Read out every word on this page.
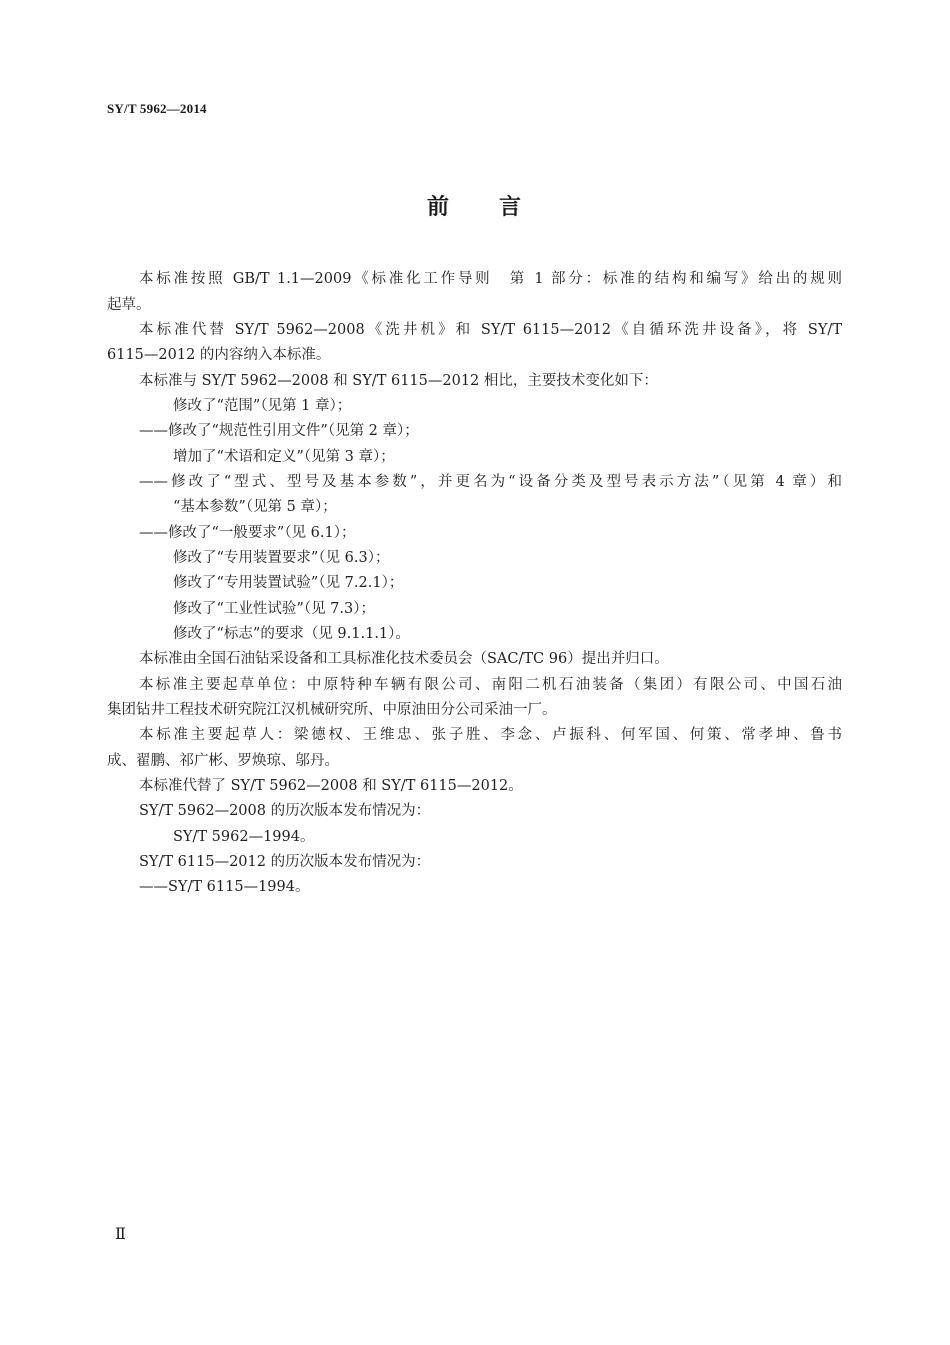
SY/T 5962—2014
前 言
本标准按照 GB/T 1.1—2009《标准化工作导则　第 1 部分：标准的结构和编写》给出的规则
起草。
本标准代替 SY/T 5962—2008《洗井机》和 SY/T 6115—2012《自循环洗井设备》，将 SY/T
6115—2012 的内容纳入本标准。
本标准与 SY/T 5962—2008 和 SY/T 6115—2012 相比，主要技术变化如下：
修改了“范围”（见第 1 章）；
——修改了“规范性引用文件”（见第 2 章）；
增加了“术语和定义”（见第 3 章）；
——修改了“型式、型号及基本参数”，并更名为“设备分类及型号表示方法”（见第 4 章）和
“基本参数”（见第 5 章）；
——修改了“一般要求”（见 6.1）；
修改了“专用装置要求”（见 6.3）；
修改了“专用装置试验”（见 7.2.1）；
修改了“工业性试验”（见 7.3）；
修改了“标志”的要求（见 9.1.1.1）。
本标准由全国石油钻采设备和工具标准化技术委员会（SAC/TC 96）提出并归口。
本标准主要起草单位：中原特种车辆有限公司、南阳二机石油装备（集团）有限公司、中国石油
集团钻井工程技术研究院江汉机械研究所、中原油田分公司采油一厂。
本标准主要起草人：梁德权、王维忠、张子胜、李念、卢振科、何军国、何策、常孝坤、鲁书
成、翟鹏、祁广彬、罗焕琼、邬丹。
本标准代替了 SY/T 5962—2008 和 SY/T 6115—2012。
SY/T 5962—2008 的历次版本发布情况为：
SY/T 5962—1994。
SY/T 6115—2012 的历次版本发布情况为：
——SY/T 6115—1994。
Ⅱ
